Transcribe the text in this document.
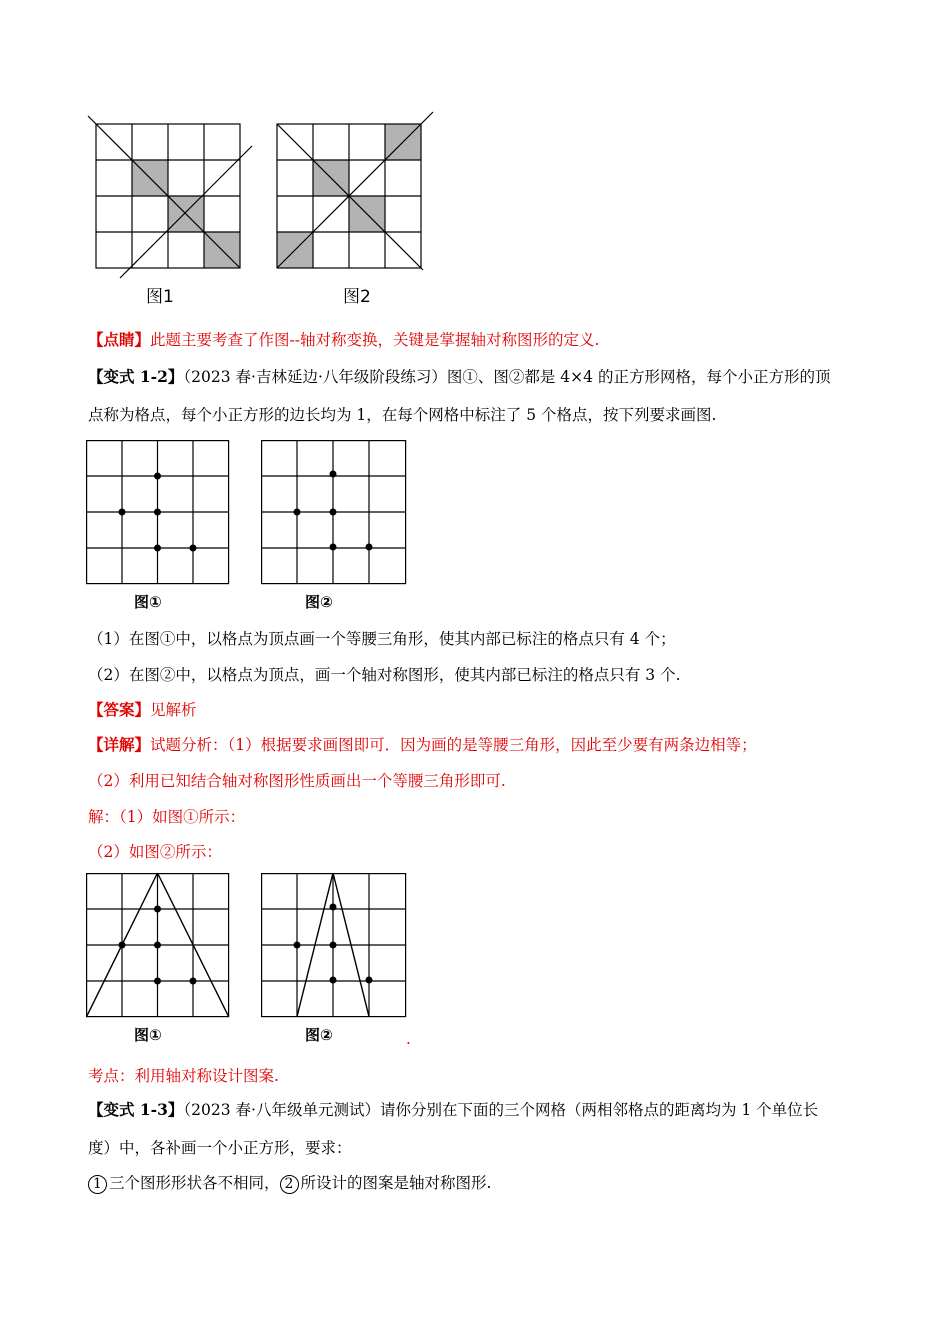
图1	图2
【点睛】此题主要考查了作图--轴对称变换，关键是掌握轴对称图形的定义.
【变式 1-2】（2023 春·吉林延边·八年级阶段练习）图①、图②都是 4×4 的正方形网格，每个小正方形的顶
点称为格点，每个小正方形的边长均为 1，在每个网格中标注了 5 个格点，按下列要求画图.
图①	图②
（1）在图①中，以格点为顶点画一个等腰三角形，使其内部已标注的格点只有 4 个；
（2）在图②中，以格点为顶点，画一个轴对称图形，使其内部已标注的格点只有 3 个.
【答案】见解析
【详解】试题分析：（1）根据要求画图即可．因为画的是等腰三角形，因此至少要有两条边相等；
（2）利用已知结合轴对称图形性质画出一个等腰三角形即可.
解：（1）如图①所示：
（2）如图②所示：
图①	图②	.
考点：利用轴对称设计图案.
【变式 1-3】（2023 春·八年级单元测试）请你分别在下面的三个网格（两相邻格点的距离均为 1 个单位长
度）中，各补画一个小正方形，要求：
1 三个图形形状各不相同， 2 所设计的图案是轴对称图形.
